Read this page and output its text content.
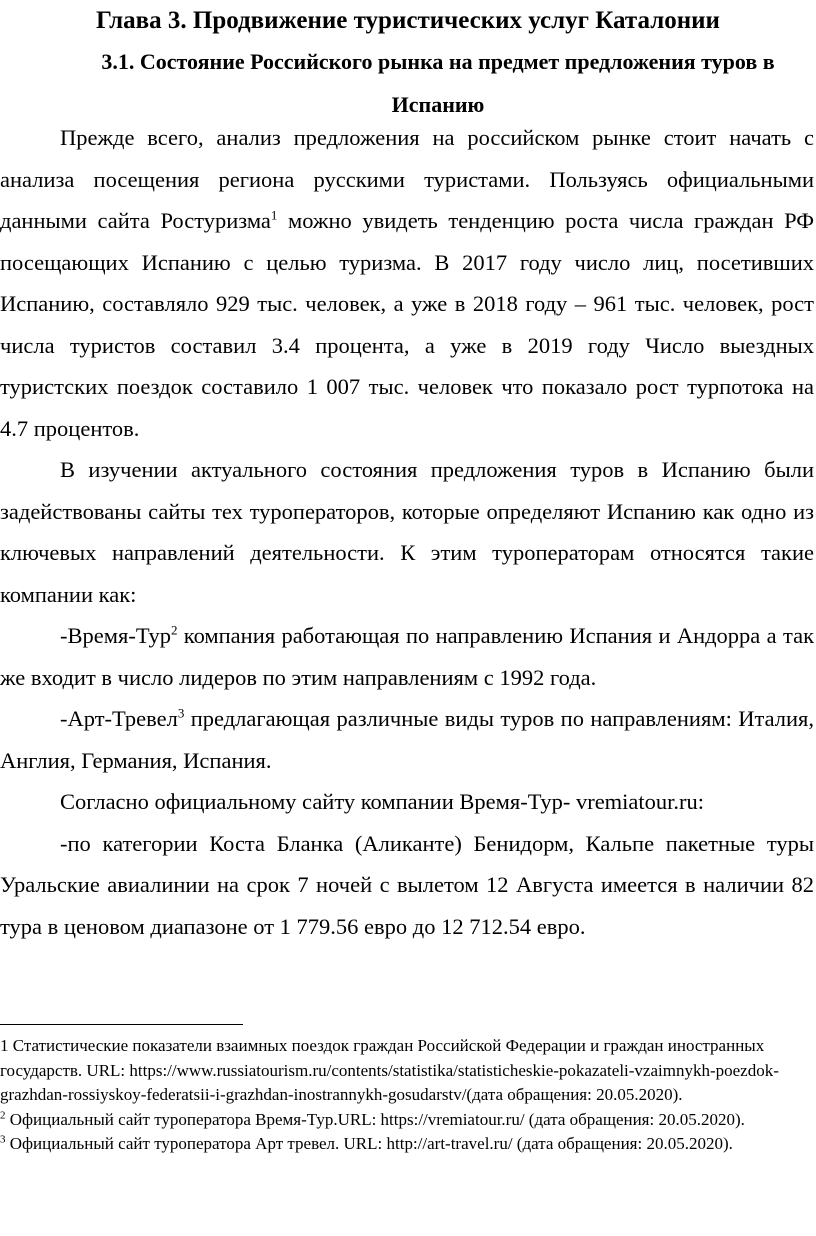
Глава 3. Продвижение туристических услуг Каталонии
3.1. Состояние Российского рынка на предмет предложения туров в Испанию

Прежде всего, анализ предложения на российском рынке стоит начать с анализа посещения региона русскими туристами. Пользуясь официальными данными сайта Ростуризма$^1$ можно увидеть тенденцию роста числа граждан РФ посещающих Испанию с целью туризма. В 2017 году число лиц, посетивших Испанию, составляло 929 тыс. человек, а уже в 2018 году – 961 тыс. человек, рост числа туристов составил 3.4 процента, а уже в 2019 году Число выездных туристских поездок составило 1 007 тыс. человек что показало рост турпотока на 4.7 процентов.

В изучении актуального состояния предложения туров в Испанию были задействованы сайты тех туроператоров, которые определяют Испанию как одно из ключевых направлений деятельности. К этим туроператорам относятся такие компании как:

-Время-Тур$^2$ компания работающая по направлению Испания и Андорра а так же входит в число лидеров по этим направлениям с 1992 года.

-Арт-Тревел$^3$ предлагающая различные виды туров по направлениям: Италия, Англия, Германия, Испания.

Согласно официальному сайту компании Время-Тур- vremiatour.ru:

-по категории Коста Бланка (Аликанте) Бенидорм, Кальпе пакетные туры Уральские авиалинии на срок 7 ночей с вылетом 12 Августа имеется в наличии 82 тура в ценовом диапазоне от 1 779.56 евро до 12 712.54 евро.

1 Статистические показатели взаимных поездок граждан Российской Федерации и граждан иностранных государств. URL: https://www.russiatourism.ru/contents/statistika/statisticheskie-pokazateli-vzaimnykh-poezdok-grazhdan-rossiyskoy-federatsii-i-grazhdan-inostrannykh-gosudarstv/(дата обращения: 20.05.2020).

$^2$ Официальный сайт туроператора Время-Тур.URL: https://vremiatour.ru/ (дата обращения: 20.05.2020).

$^3$ Официальный сайт туроператора Арт тревел. URL: http://art-travel.ru/ (дата обращения: 20.05.2020).
